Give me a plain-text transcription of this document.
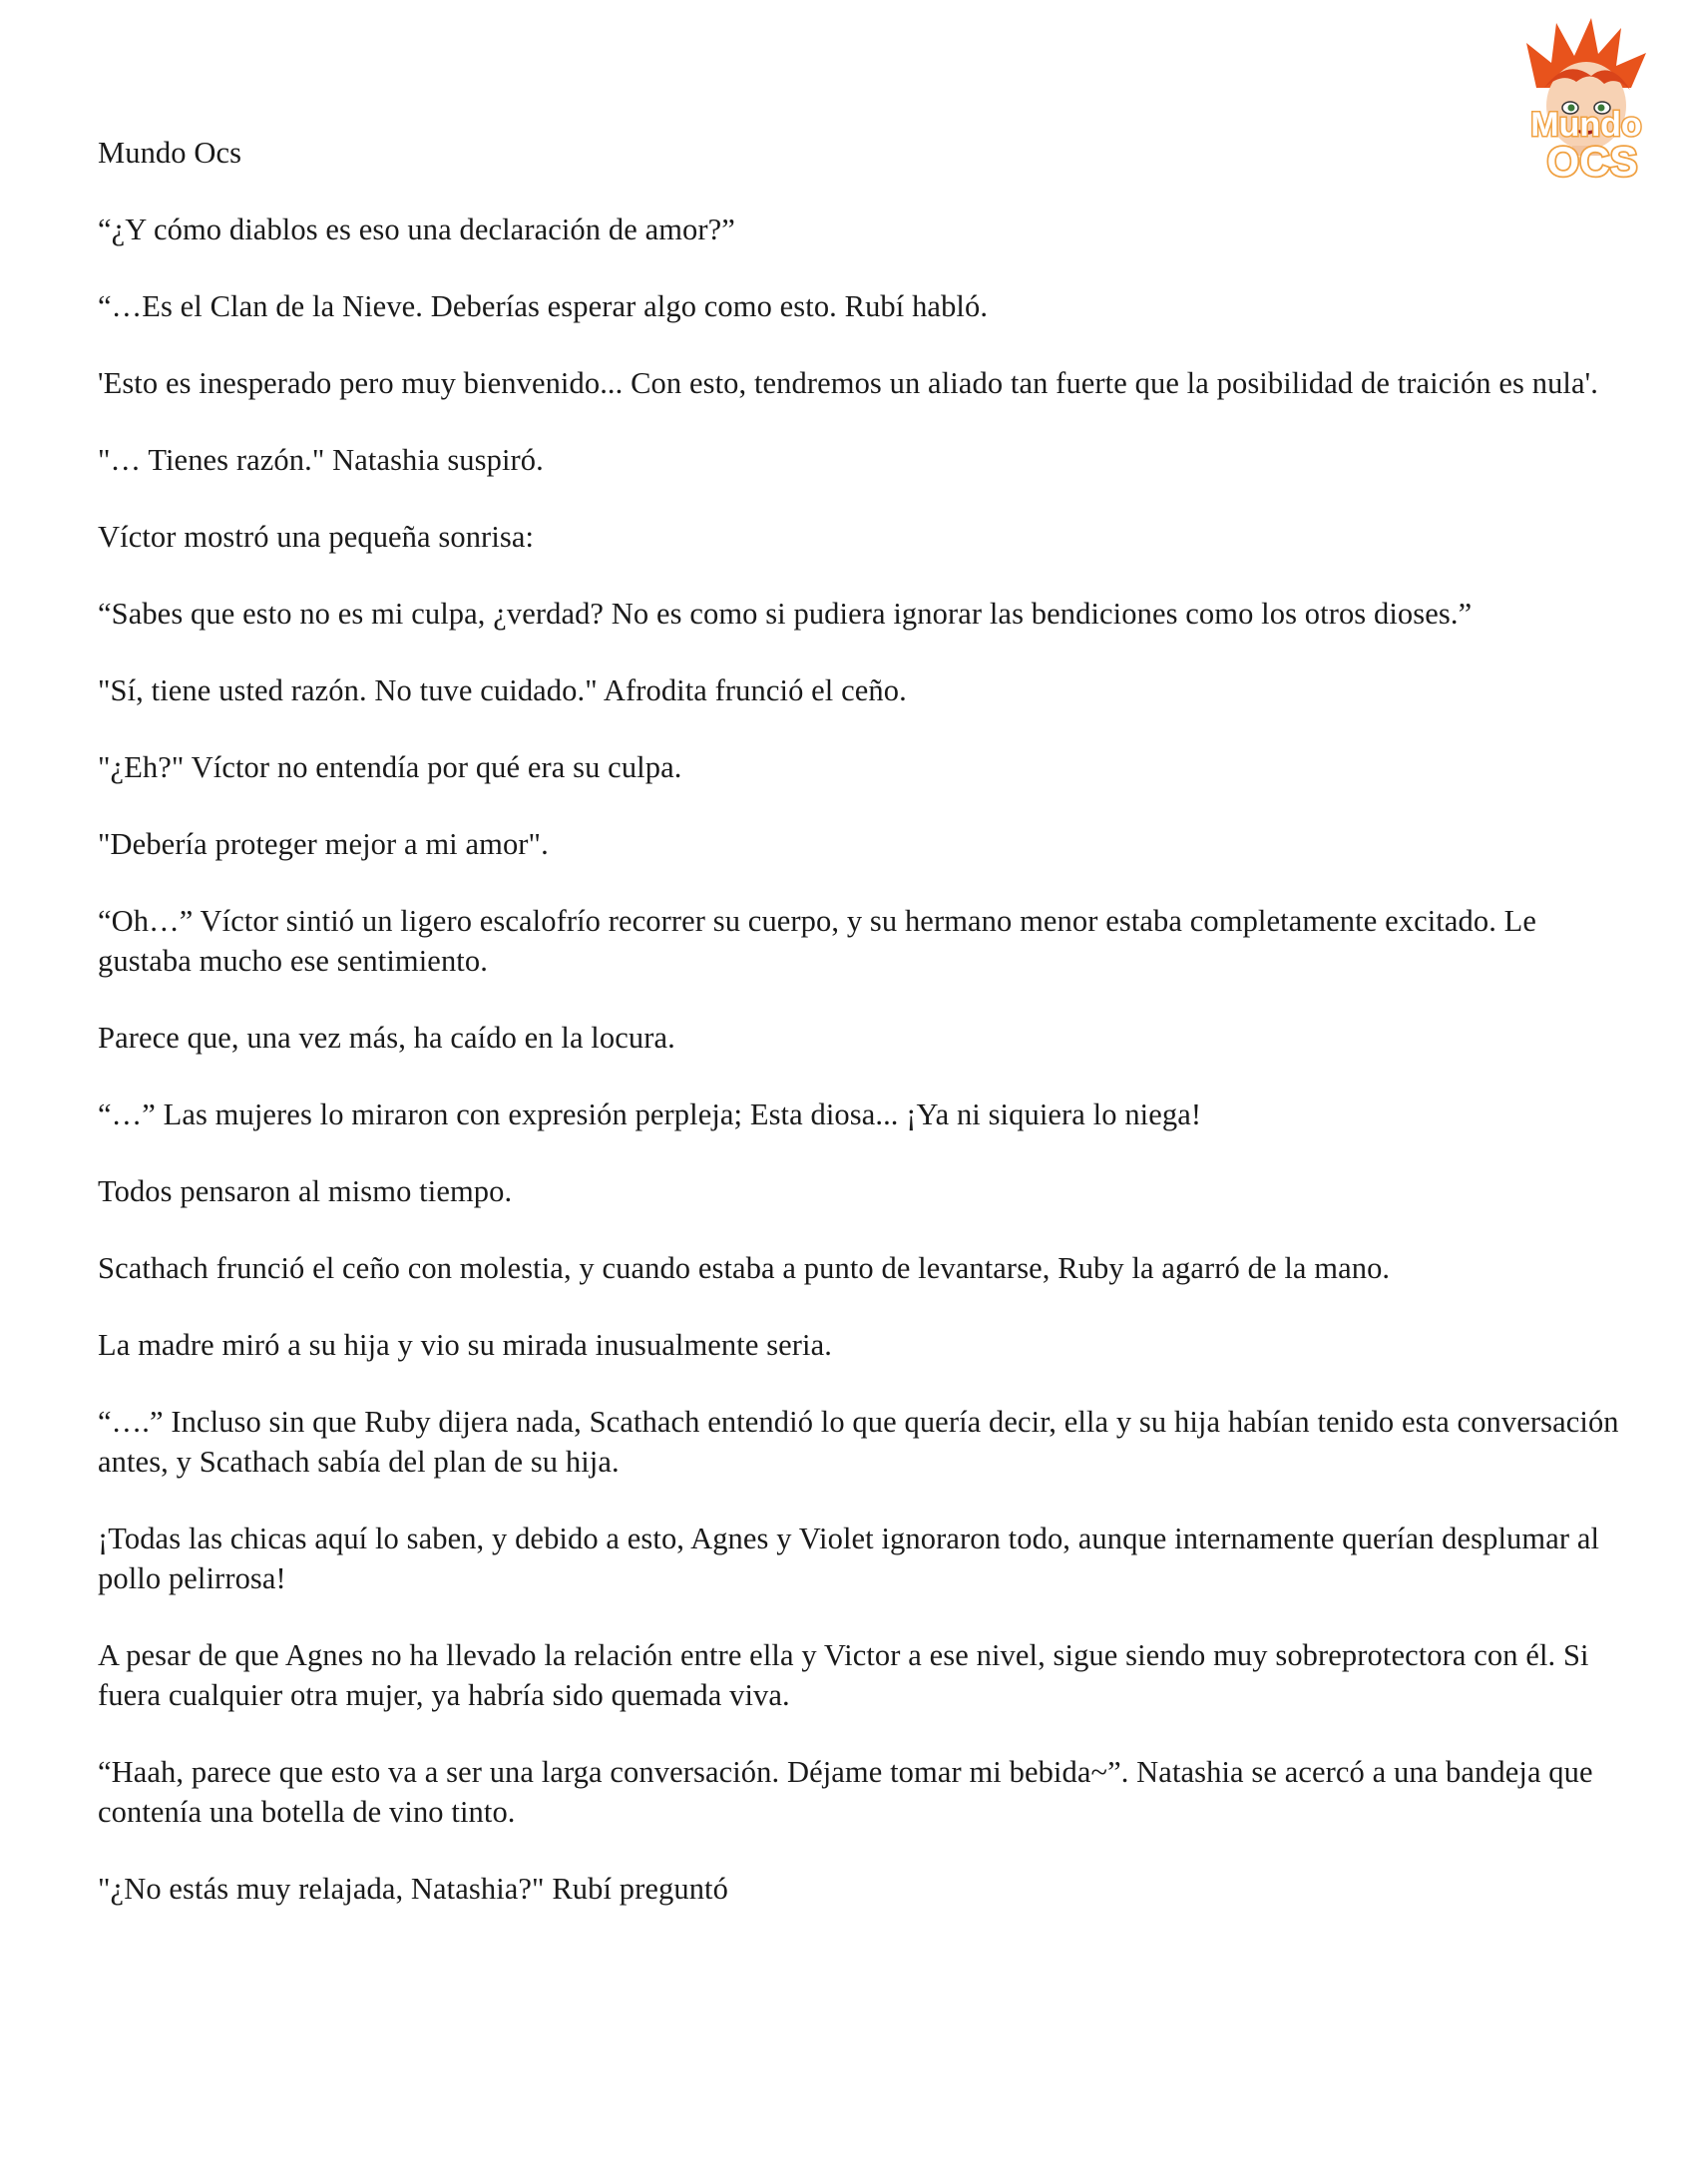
Mundo
OCS

Mundo Ocs

“¿Y cómo diablos es eso una declaración de amor?”

“…Es el Clan de la Nieve. Deberías esperar algo como esto. Rubí habló.

'Esto es inesperado pero muy bienvenido... Con esto, tendremos un aliado tan fuerte que la posibilidad de traición es nula'.

"… Tienes razón." Natashia suspiró.

Víctor mostró una pequeña sonrisa:

“Sabes que esto no es mi culpa, ¿verdad? No es como si pudiera ignorar las bendiciones como los otros dioses.”

"Sí, tiene usted razón. No tuve cuidado." Afrodita frunció el ceño.

"¿Eh?" Víctor no entendía por qué era su culpa.

"Debería proteger mejor a mi amor".

“Oh…” Víctor sintió un ligero escalofrío recorrer su cuerpo, y su hermano menor estaba completamente excitado. Le gustaba mucho ese sentimiento.

Parece que, una vez más, ha caído en la locura.

“…” Las mujeres lo miraron con expresión perpleja; Esta diosa... ¡Ya ni siquiera lo niega!

Todos pensaron al mismo tiempo.

Scathach frunció el ceño con molestia, y cuando estaba a punto de levantarse, Ruby la agarró de la mano.

La madre miró a su hija y vio su mirada inusualmente seria.

“….” Incluso sin que Ruby dijera nada, Scathach entendió lo que quería decir, ella y su hija habían tenido esta conversación antes, y Scathach sabía del plan de su hija.

¡Todas las chicas aquí lo saben, y debido a esto, Agnes y Violet ignoraron todo, aunque internamente querían desplumar al pollo pelirrosa!

A pesar de que Agnes no ha llevado la relación entre ella y Victor a ese nivel, sigue siendo muy sobreprotectora con él. Si fuera cualquier otra mujer, ya habría sido quemada viva.

“Haah, parece que esto va a ser una larga conversación. Déjame tomar mi bebida~”. Natashia se acercó a una bandeja que contenía una botella de vino tinto.

"¿No estás muy relajada, Natashia?" Rubí preguntó
